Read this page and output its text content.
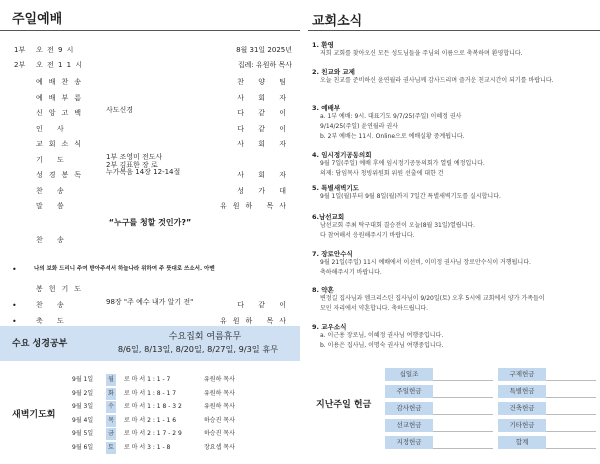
주일예배
1부	오 전 9 시	8월 31일 2025년
2부	오 전 1 1 시	집례: 유원하 목사
예배찬송	찬 양 팀
예배부름	사 회 자
신앙고백	사도신경	다 같 이
인 사	다 같 이
교회소식	사 회 자
기 도	1부 조영미 전도사
2부 김표한 장 로
성경봉독	누가복음 14장 12-14절	사 회 자
찬 송	성 가 대
말 씀	유원하 목사
“누구를 청할 것인가?”
찬 송
•	나의 보화 드리니 주여 받아주셔서 하늘나라 위하여 주 뜻대로 쓰소서. 아멘
봉헌기도
•	찬 송	98장 "주 예수 내가 알기 전"	다 같 이
•	축 도	유원하 목사
수요 성경공부
수요집회 여름휴무
8/6일, 8/13일, 8/20일, 8/27일, 9/3일 휴무
새벽기도회
9월 1일	월	로 마 서 1 : 1 - 7	유원하 목사
9월 2일	화	로 마 서 1 : 8 - 1 7	유원하 목사
9월 3일	수	로 마 서 1 : 1 8 - 3 2	유원하 목사
9월 4일	목	로 마 서 2 : 1 - 1 6	하승진 목사
9월 5일	금	로 마 서 2 : 1 7 - 2 9	하승진 목사
9월 6일	토	로 마 서 3 : 1 - 8	장요셉 목사
교회소식
1. 환영
저희 교회를 찾아오신 모든 성도님들을 주님의 이름으로 축복하며 환영합니다.
2. 친교와 교제
오늘 친교를 준비하신 윤연월라 권사님께 감사드리며 즐거운 친교시간이 되기를 바랍니다.
3. 예배부
a. 1부 예배: 9시. 대표기도 9/7/25(주일) 이혜정 권사
9/14/25(주일) 윤연월라 권사
b. 2부 예배는 11시. Online으로 예배실황 중계됩니다.
4. 임시정기공동의회
9월 7일(주일) 예배 후에 임시정기공동의회가 열릴 예정입니다.
의제: 담임목사 청빙위원회 위원 선출에 대한 건
5. 특별새벽기도
9월 1일(월)부터 9월 8일(월)까지 7일간 특별새벽기도를 실시합니다.
6.남선교회
남선교회 주최 탁구대회 결승전이 오늘(8월 31일)열립니다.
다 참여해서 응원해주시기 바랍니다.
7. 장로안수식
9월 21일(주일) 11시 예배에서 이선비, 이미정 권사님 장로안수식이 거행됩니다.
축하해주시기 바랍니다.
8. 약혼
변정길 집사님과 엠크리스틴 집사님이 9/20일(토) 오후 5시에 교회에서 양가 가족들이
모인 자리에서 약혼합니다. 축하드립니다.
9. 교우소식
a. 이근용 장로님, 이혜정 권사님 여행중입니다.
b. 이용은 집사님, 이명숙 권사님 여행중입니다.
지난주일 헌금
십일조
주일헌금
감사헌금
선교헌금
지정헌금
구제헌금
특별헌금
건축헌금
기타헌금
합계
